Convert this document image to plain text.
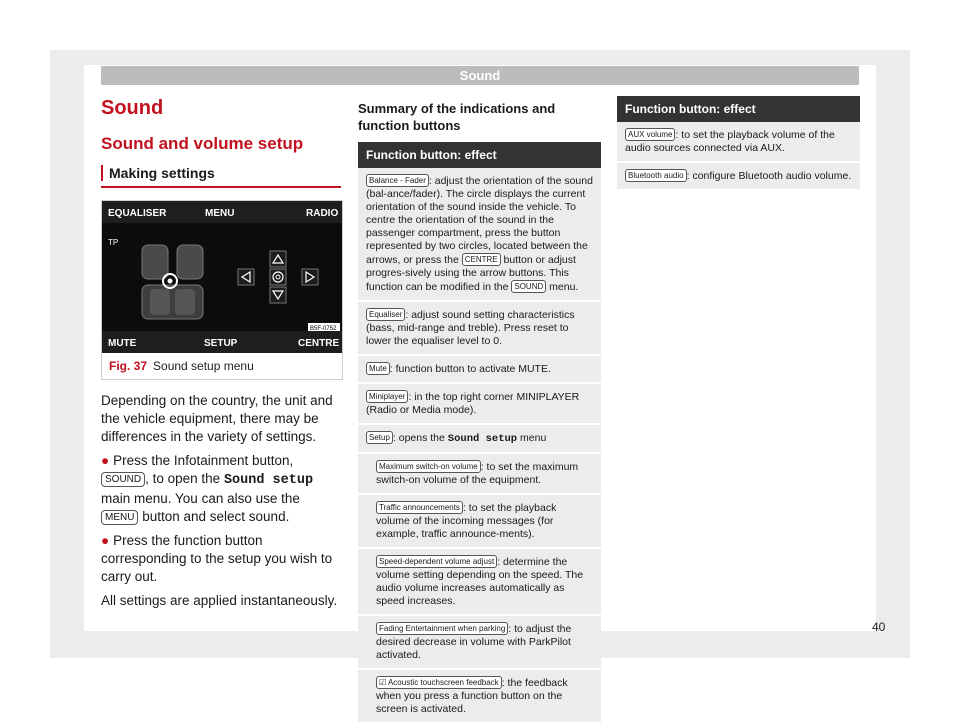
Sound
Sound
Sound and volume setup
Making settings
EQUALISER	MENU	RADIO
TP
MUTE	SETUP	CENTRE
B5F-0752
Fig. 37 Sound setup menu

Depending on the country, the unit and the vehicle equipment, there may be differences in the variety of settings.

● Press the Infotainment button, SOUND , to open the Sound setup main menu. You can also use the MENU button and select sound.

● Press the function button corresponding to the setup you wish to carry out.

All settings are applied instantaneously.

Summary of the indications and function buttons
Function button: effect
Balance - Fader : adjust the orientation of the sound (bal-ance/fader). The circle displays the current orientation of the sound inside the vehicle. To centre the orientation of the sound in the passenger compartment, press the button represented by two circles, located between the arrows, or press the CENTRE button or adjust progres-sively using the arrow buttons. This function can be modified in the SOUND menu.
Equaliser : adjust sound setting characteristics (bass, mid-range and treble). Press reset to lower the equaliser level to 0.
Mute : function button to activate MUTE.
Miniplayer : in the top right corner MINIPLAYER (Radio or Media mode).
Setup : opens the Sound setup menu
Maximum switch-on volume : to set the maximum switch-on volume of the equipment.
Traffic announcements : to set the playback volume of the incoming messages (for example, traffic announce-ments).
Speed-dependent volume adjust : determine the volume setting depending on the speed. The audio volume increases automatically as speed increases.
Fading Entertainment when parking : to adjust the desired decrease in volume with ParkPilot activated.
☑ Acoustic touchscreen feedback : the feedback when you press a function button on the screen is activated.
Function button: effect
AUX volume : to set the playback volume of the audio sources connected via AUX.
Bluetooth audio : configure Bluetooth audio volume.
40
